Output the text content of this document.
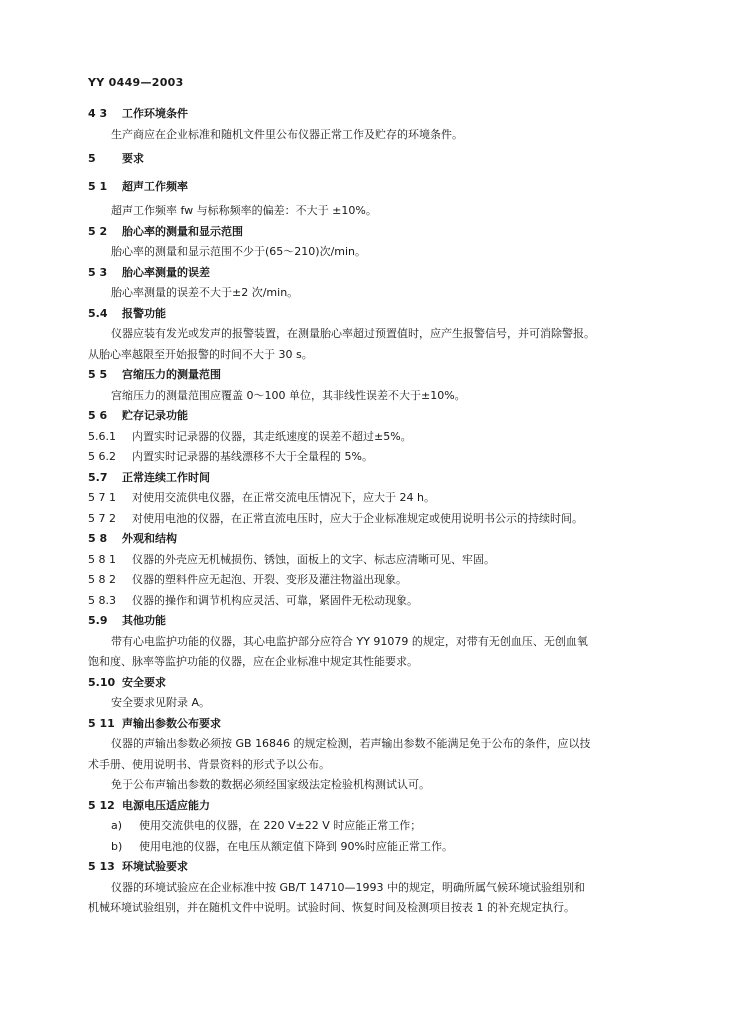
YY 0449—2003
4 3 工作环境条件
生产商应在企业标准和随机文件里公布仪器正常工作及贮存的环境条件。
5 要求
5 1 超声工作频率
超声工作频率 fw 与标称频率的偏差：不大于 ±10%。
5 2 胎心率的测量和显示范围
胎心率的测量和显示范围不少于(65～210)次/min。
5 3 胎心率测量的误差
胎心率测量的误差不大于±2 次/min。
5.4 报警功能
仪器应装有发光或发声的报警装置，在测量胎心率超过预置值时，应产生报警信号，并可消除警报。
从胎心率越限至开始报警的时间不大于 30 s。
5 5 宫缩压力的测量范围
宫缩压力的测量范围应覆盖 0～100 单位，其非线性误差不大于±10%。
5 6 贮存记录功能
5.6.1 内置实时记录器的仪器，其走纸速度的误差不超过±5%。
5 6.2 内置实时记录器的基线漂移不大于全量程的 5%。
5.7 正常连续工作时间
5 7 1 对使用交流供电仪器，在正常交流电压情况下，应大于 24 h。
5 7 2 对使用电池的仪器，在正常直流电压时，应大于企业标准规定或使用说明书公示的持续时间。
5 8 外观和结构
5 8 1 仪器的外壳应无机械损伤、锈蚀，面板上的文字、标志应清晰可见、牢固。
5 8 2 仪器的塑料件应无起泡、开裂、变形及灌注物溢出现象。
5 8.3 仪器的操作和调节机构应灵活、可靠，紧固件无松动现象。
5.9 其他功能
带有心电监护功能的仪器，其心电监护部分应符合 YY 91079 的规定，对带有无创血压、无创血氧
饱和度、脉率等监护功能的仪器，应在企业标准中规定其性能要求。
5.10 安全要求
安全要求见附录 A。
5 11 声输出参数公布要求
仪器的声输出参数必须按 GB 16846 的规定检测，若声输出参数不能满足免于公布的条件，应以技
术手册、使用说明书、背景资料的形式予以公布。
免于公布声输出参数的数据必须经国家级法定检验机构测试认可。
5 12 电源电压适应能力
a) 使用交流供电的仪器，在 220 V±22 V 时应能正常工作；
b) 使用电池的仪器，在电压从额定值下降到 90%时应能正常工作。
5 13 环境试验要求
仪器的环境试验应在企业标准中按 GB/T 14710—1993 中的规定，明确所属气候环境试验组别和
机械环境试验组别，并在随机文件中说明。试验时间、恢复时间及检测项目按表 1 的补充规定执行。
